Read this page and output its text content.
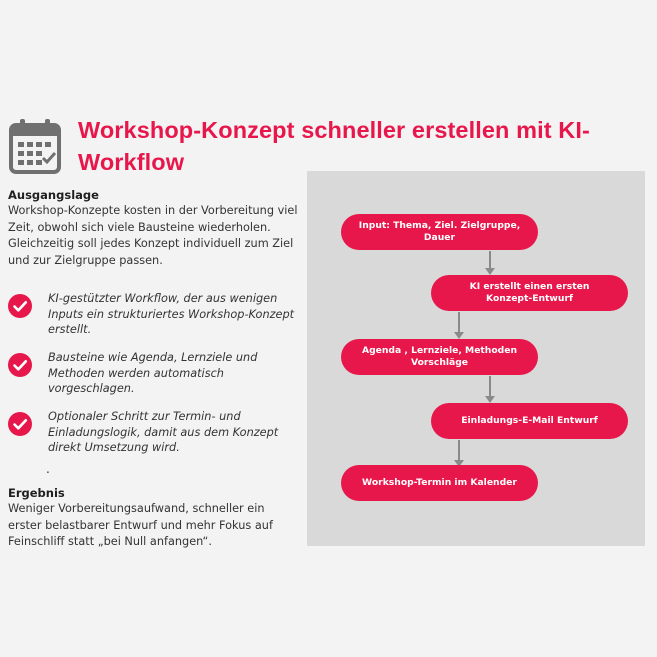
Workshop-Konzept schneller erstellen mit KI-Workflow

Ausgangslage

Workshop-Konzepte kosten in der Vorbereitung viel Zeit, obwohl sich viele Bausteine wiederholen. Gleichzeitig soll jedes Konzept individuell zum Ziel und zur Zielgruppe passen.

KI-gestützter Workflow, der aus wenigen Inputs ein strukturiertes Workshop-Konzept erstellt.
Bausteine wie Agenda, Lernziele und Methoden werden automatisch vorgeschlagen.
Optionaler Schritt zur Termin- und Einladungslogik, damit aus dem Konzept direkt Umsetzung wird.
.

Ergebnis

Weniger Vorbereitungsaufwand, schneller ein erster belastbarer Entwurf und mehr Fokus auf Feinschliff statt „bei Null anfangen“.

Input: Thema, Ziel. Zielgruppe, Dauer
KI erstellt einen ersten Konzept-Entwurf
Agenda , Lernziele, Methoden Vorschläge
Einladungs-E-Mail Entwurf
Workshop-Termin im Kalender
